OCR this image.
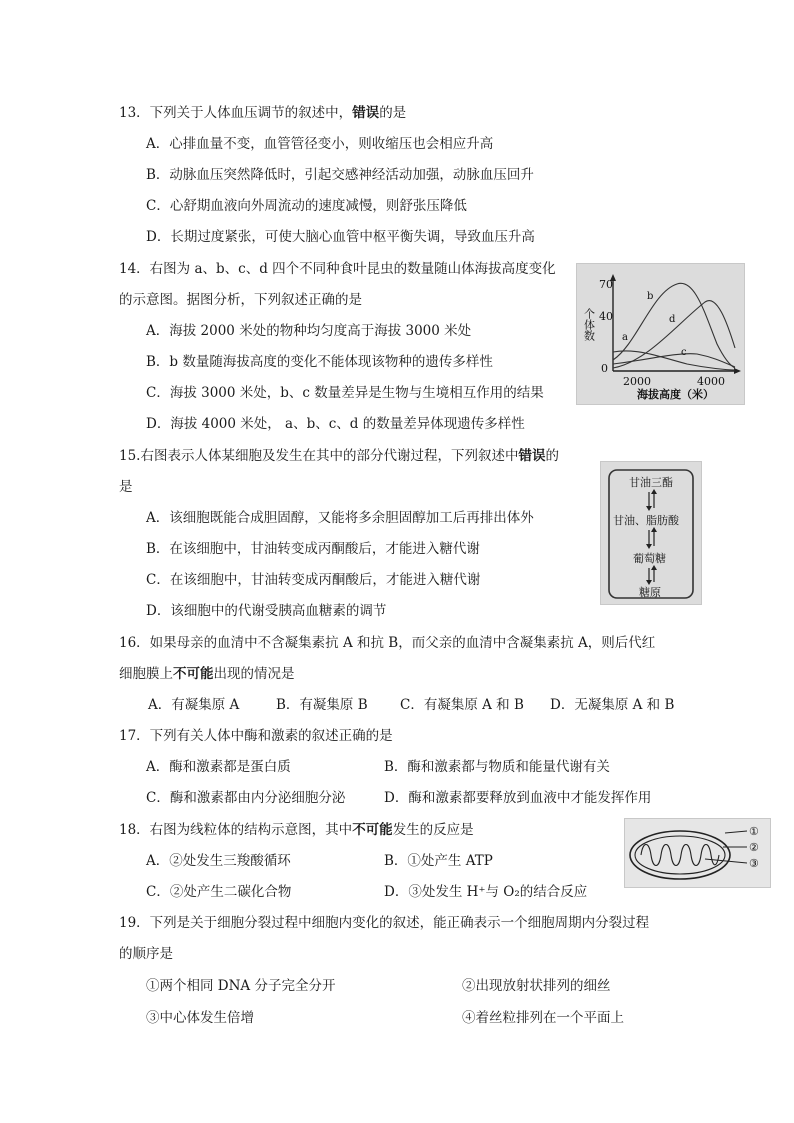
13．下列关于人体血压调节的叙述中，错误的是
A．心排血量不变，血管管径变小，则收缩压也会相应升高
B．动脉血压突然降低时，引起交感神经活动加强，动脉血压回升
C．心舒期血液向外周流动的速度减慢，则舒张压降低
D．长期过度紧张，可使大脑心血管中枢平衡失调，导致血压升高
14．右图为 a、b、c、d 四个不同种食叶昆虫的数量随山体海拔高度变化
的示意图。据图分析，下列叙述正确的是
A．海拔 2000 米处的物种均匀度高于海拔 3000 米处
B．b 数量随海拔高度的变化不能体现该物种的遗传多样性
C．海拔 3000 米处，b、c 数量差异是生物与生境相互作用的结果
D．海拔 4000 米处， a、b、c、d 的数量差异体现遗传多样性
70
40
0
个体数
2000	4000
海拔高度（米）
a
b
c
d
15.右图表示人体某细胞及发生在其中的部分代谢过程，下列叙述中错误的
是
A．该细胞既能合成胆固醇，又能将多余胆固醇加工后再排出体外
B．在该细胞中，甘油转变成丙酮酸后，才能进入糖代谢
C．在该细胞中，甘油转变成丙酮酸后，才能进入糖代谢
D．该细胞中的代谢受胰高血糖素的调节
甘油三酯
甘油、脂肪酸
葡萄糖
糖原
16．如果母亲的血清中不含凝集素抗 A 和抗 B，而父亲的血清中含凝集素抗 A，则后代红
细胞膜上不可能出现的情况是
A．有凝集原 A	B．有凝集原 B C．有凝集原 A 和 B D．无凝集原 A 和 B
17．下列有关人体中酶和激素的叙述正确的是
A．酶和激素都是蛋白质	B．酶和激素都与物质和能量代谢有关
C．酶和激素都由内分泌细胞分泌	D．酶和激素都要释放到血液中才能发挥作用
18．右图为线粒体的结构示意图，其中不可能发生的反应是
A．②处发生三羧酸循环	B．①处产生 ATP
C．②处产生二碳化合物	D．③处发生 H⁺与 O₂的结合反应
①
②
③
19．下列是关于细胞分裂过程中细胞内变化的叙述，能正确表示一个细胞周期内分裂过程
的顺序是
①两个相同 DNA 分子完全分开	②出现放射状排列的细丝
③中心体发生倍增	④着丝粒排列在一个平面上
